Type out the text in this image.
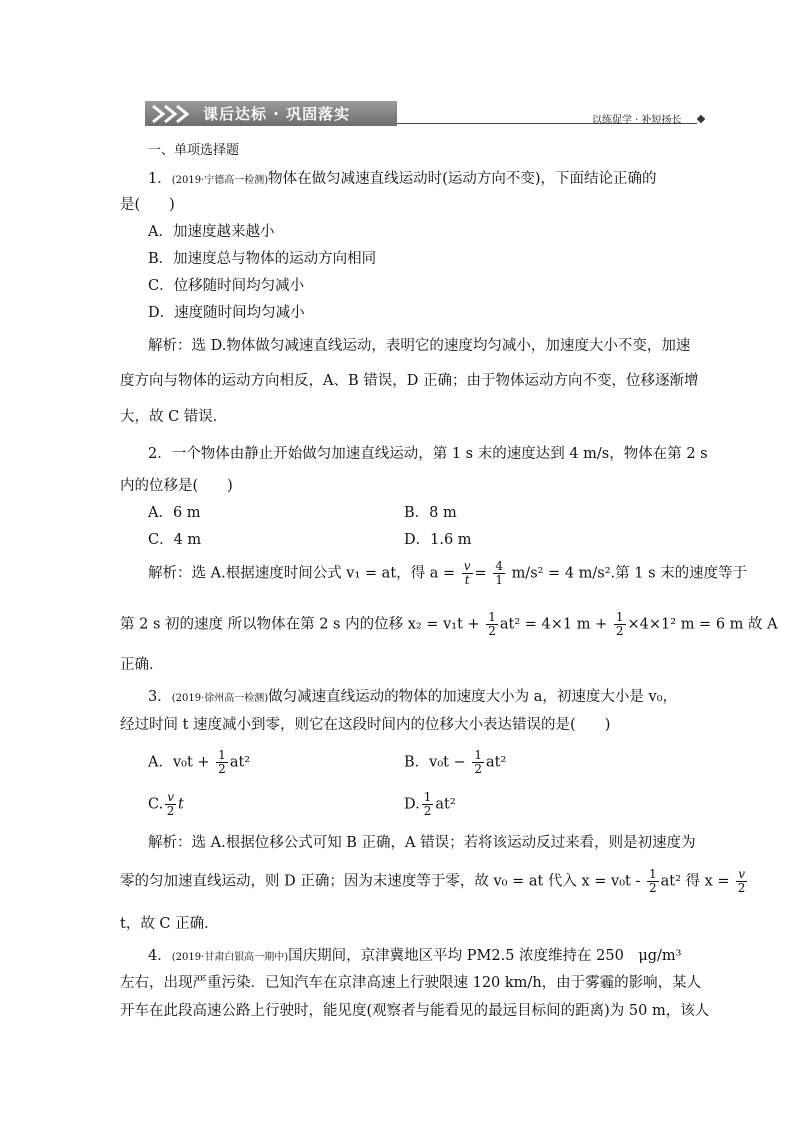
课后达标 · 巩固落实	以练促学 · 补短扬长
一、单项选择题
1．(2019·宁德高一检测)物体在做匀减速直线运动时(运动方向不变)，下面结论正确的
是(　　)
A．加速度越来越小
B．加速度总与物体的运动方向相同
C．位移随时间均匀减小
D．速度随时间均匀减小
解析：选 D.物体做匀减速直线运动，表明它的速度均匀减小，加速度大小不变，加速
度方向与物体的运动方向相反，A、B 错误，D 正确；由于物体运动方向不变，位移逐渐增
大，故 C 错误．
2．一个物体由静止开始做匀加速直线运动，第 1 s 末的速度达到 4 m/s，物体在第 2 s
内的位移是(　　)
A．6 m	B．8 m
C．4 m	D．1.6 m
解析：选 A.根据速度时间公式 v₁ = at，得 $a = \frac{v}{t} = \frac{4}{1} m/s^2 = 4$ m/s².第 1 s 末的速度等于
第 2 s 初的速度 所以物体在第 2 s 内的位移 $x_2 = v_1t + \frac{1}{2} at^2 = 4\times 1$ $m + \frac{1}{2} \times 4\times 1^2$ m = 6 m 故 A
正确．
3．(2019·徐州高一检测)做匀减速直线运动的物体的加速度大小为 a，初速度大小是 v₀，
经过时间 t 速度减小到零，则它在这段时间内的位移大小表达错误的是(　　)
A．$v_0t + \frac{1}{2} at^2$	B．$v_0t - \frac{1}{2} at^2$
C. $\frac{v}{2}$ t	D. $\frac{1}{2} at^2$
解析：选 A.根据位移公式可知 B 正确，A 错误；若将该运动反过来看，则是初速度为
零的匀加速直线运动，则 D 正确；因为末速度等于零，故 v₀ = at 代入 $x = v_0t - \frac{1}{2} at^2$ 得 $x = \frac{v}{2}$
t，故 C 正确．
4．(2019·甘肃白银高一期中)国庆期间，京津冀地区平均 PM2.5 浓度维持在 250　μg/m³
左右，出现严重污染．已知汽车在京津高速上行驶限速 120 km/h，由于雾霾的影响，某人
开车在此段高速公路上行驶时，能见度(观察者与能看见的最远目标间的距离)为 50 m，该人
